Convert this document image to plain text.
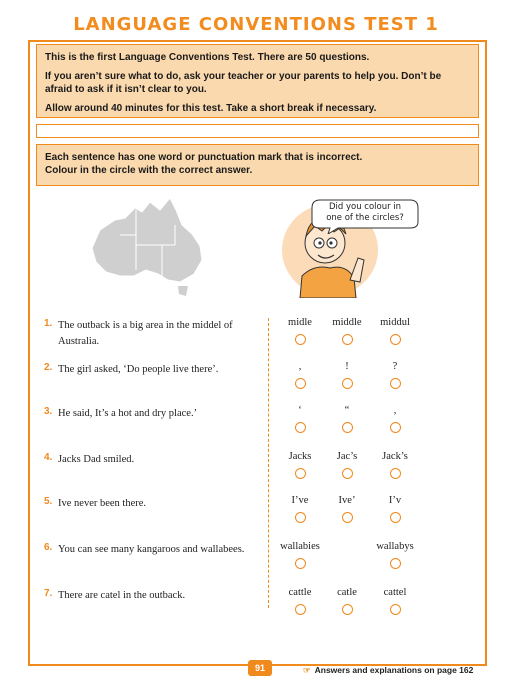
LANGUAGE CONVENTIONS TEST 1

This is the first Language Conventions Test. There are 50 questions.

If you aren’t sure what to do, ask your teacher or your parents to help you. Don’t be afraid to ask if it isn’t clear to you.

Allow around 40 minutes for this test. Take a short break if necessary.

Each sentence has one word or punctuation mark that is incorrect.
Colour in the circle with the correct answer.
Did you colour in one of the circles?
1. The outback is a big area in the middel of Australia.
midle	middle	middul
2. The girl asked, ‘Do people live there’.	,	!	?
3. He said, It’s a hot and dry place.’	‘	“	,
4. Jacks Dad smiled.	Jacks	Jac’s	Jack’s
5. Ive never been there.	I’ve	Ive’	I’v
6. You can see many kangaroos and wallabees.	wallabies	wallabys
7. There are catel in the outback.	cattle	catle	cattel
91	☞ Answers and explanations on page 162
